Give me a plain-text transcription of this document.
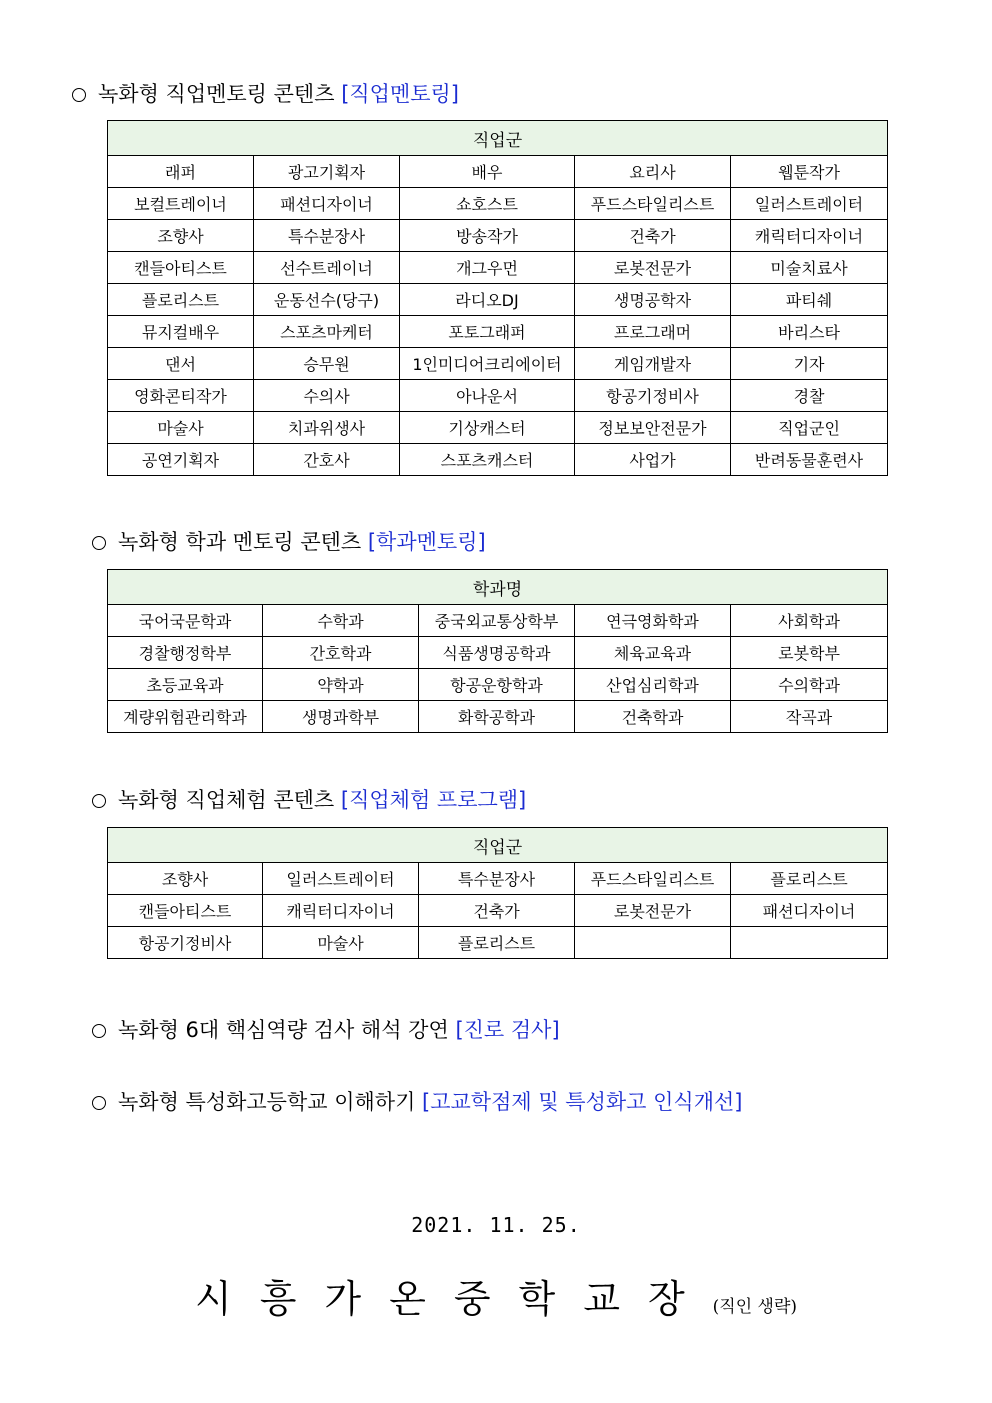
녹화형 직업멘토링 콘텐츠 [직업멘토링]
직업군				
래퍼	광고기획자	배우	요리사	웹툰작가
보컬트레이너	패션디자이너	쇼호스트	푸드스타일리스트	일러스트레이터
조향사	특수분장사	방송작가	건축가	캐릭터디자이너
캔들아티스트	선수트레이너	개그우먼	로봇전문가	미술치료사
플로리스트	운동선수(당구)	라디오DJ	생명공학자	파티쉐
뮤지컬배우	스포츠마케터	포토그래퍼	프로그래머	바리스타
댄서	승무원	1인미디어크리에이터	게임개발자	기자
영화콘티작가	수의사	아나운서	항공기정비사	경찰
마술사	치과위생사	기상캐스터	정보보안전문가	직업군인
공연기획자	간호사	스포츠캐스터	사업가	반려동물훈련사
녹화형 학과 멘토링 콘텐츠 [학과멘토링]
학과명				
국어국문학과	수학과	중국외교통상학부	연극영화학과	사회학과
경찰행정학부	간호학과	식품생명공학과	체육교육과	로봇학부
초등교육과	약학과	항공운항학과	산업심리학과	수의학과
계량위험관리학과	생명과학부	화학공학과	건축학과	작곡과
녹화형 직업체험 콘텐츠 [직업체험 프로그램]
직업군				
조향사	일러스트레이터	특수분장사	푸드스타일리스트	플로리스트
캔들아티스트	캐릭터디자이너	건축가	로봇전문가	패션디자이너
항공기정비사	마술사	플로리스트		
녹화형 6대 핵심역량 검사 해석 강연 [진로 검사]
녹화형 특성화고등학교 이해하기 [고교학점제 및 특성화고 인식개선]
2021. 11. 25.
시흥가온중학교장(직인 생략)
